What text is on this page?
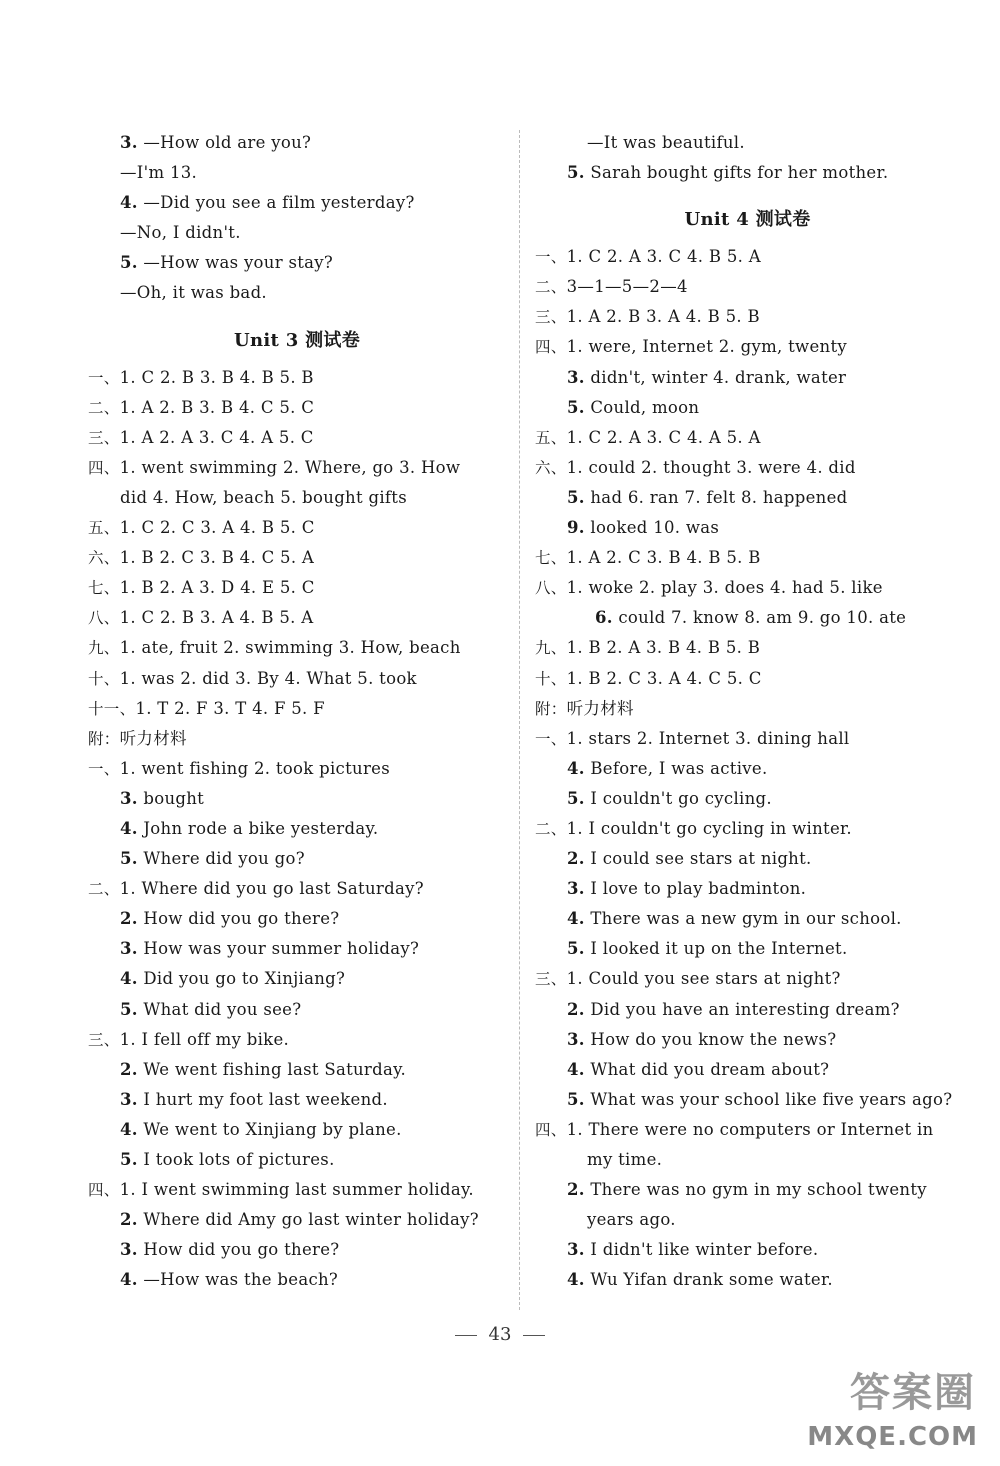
3. —How old are you?
—I'm 13.
4. —Did you see a film yesterday?
—No, I didn't.
5. —How was your stay?
—Oh, it was bad.
Unit 3 测试卷
一、1. C 2. B 3. B 4. B 5. B
二、1. A 2. B 3. B 4. C 5. C
三、1. A 2. A 3. C 4. A 5. C
四、1. went swimming 2. Where, go 3. How
did 4. How, beach 5. bought gifts
五、1. C 2. C 3. A 4. B 5. C
六、1. B 2. C 3. B 4. C 5. A
七、1. B 2. A 3. D 4. E 5. C
八、1. C 2. B 3. A 4. B 5. A
九、1. ate, fruit 2. swimming 3. How, beach
十、1. was 2. did 3. By 4. What 5. took
十一、1. T 2. F 3. T 4. F 5. F
附：听力材料
一、1. went fishing 2. took pictures
3. bought
4. John rode a bike yesterday.
5. Where did you go?
二、1. Where did you go last Saturday?
2. How did you go there?
3. How was your summer holiday?
4. Did you go to Xinjiang?
5. What did you see?
三、1. I fell off my bike.
2. We went fishing last Saturday.
3. I hurt my foot last weekend.
4. We went to Xinjiang by plane.
5. I took lots of pictures.
四、1. I went swimming last summer holiday.
2. Where did Amy go last winter holiday?
3. How did you go there?
4. —How was the beach?
—It was beautiful.
5. Sarah bought gifts for her mother.
Unit 4 测试卷
一、1. C 2. A 3. C 4. B 5. A
二、3—1—5—2—4
三、1. A 2. B 3. A 4. B 5. B
四、1. were, Internet 2. gym, twenty
3. didn't, winter 4. drank, water
5. Could, moon
五、1. C 2. A 3. C 4. A 5. A
六、1. could 2. thought 3. were 4. did
5. had 6. ran 7. felt 8. happened
9. looked 10. was
七、1. A 2. C 3. B 4. B 5. B
八、1. woke 2. play 3. does 4. had 5. like
6. could 7. know 8. am 9. go 10. ate
九、1. B 2. A 3. B 4. B 5. B
十、1. B 2. C 3. A 4. C 5. C
附：听力材料
一、1. stars 2. Internet 3. dining hall
4. Before, I was active.
5. I couldn't go cycling.
二、1. I couldn't go cycling in winter.
2. I could see stars at night.
3. I love to play badminton.
4. There was a new gym in our school.
5. I looked it up on the Internet.
三、1. Could you see stars at night?
2. Did you have an interesting dream?
3. How do you know the news?
4. What did you dream about?
5. What was your school like five years ago?
四、1. There were no computers or Internet in
my time.
2. There was no gym in my school twenty
years ago.
3. I didn't like winter before.
4. Wu Yifan drank some water.
43
答案圈
MXQE.COM
